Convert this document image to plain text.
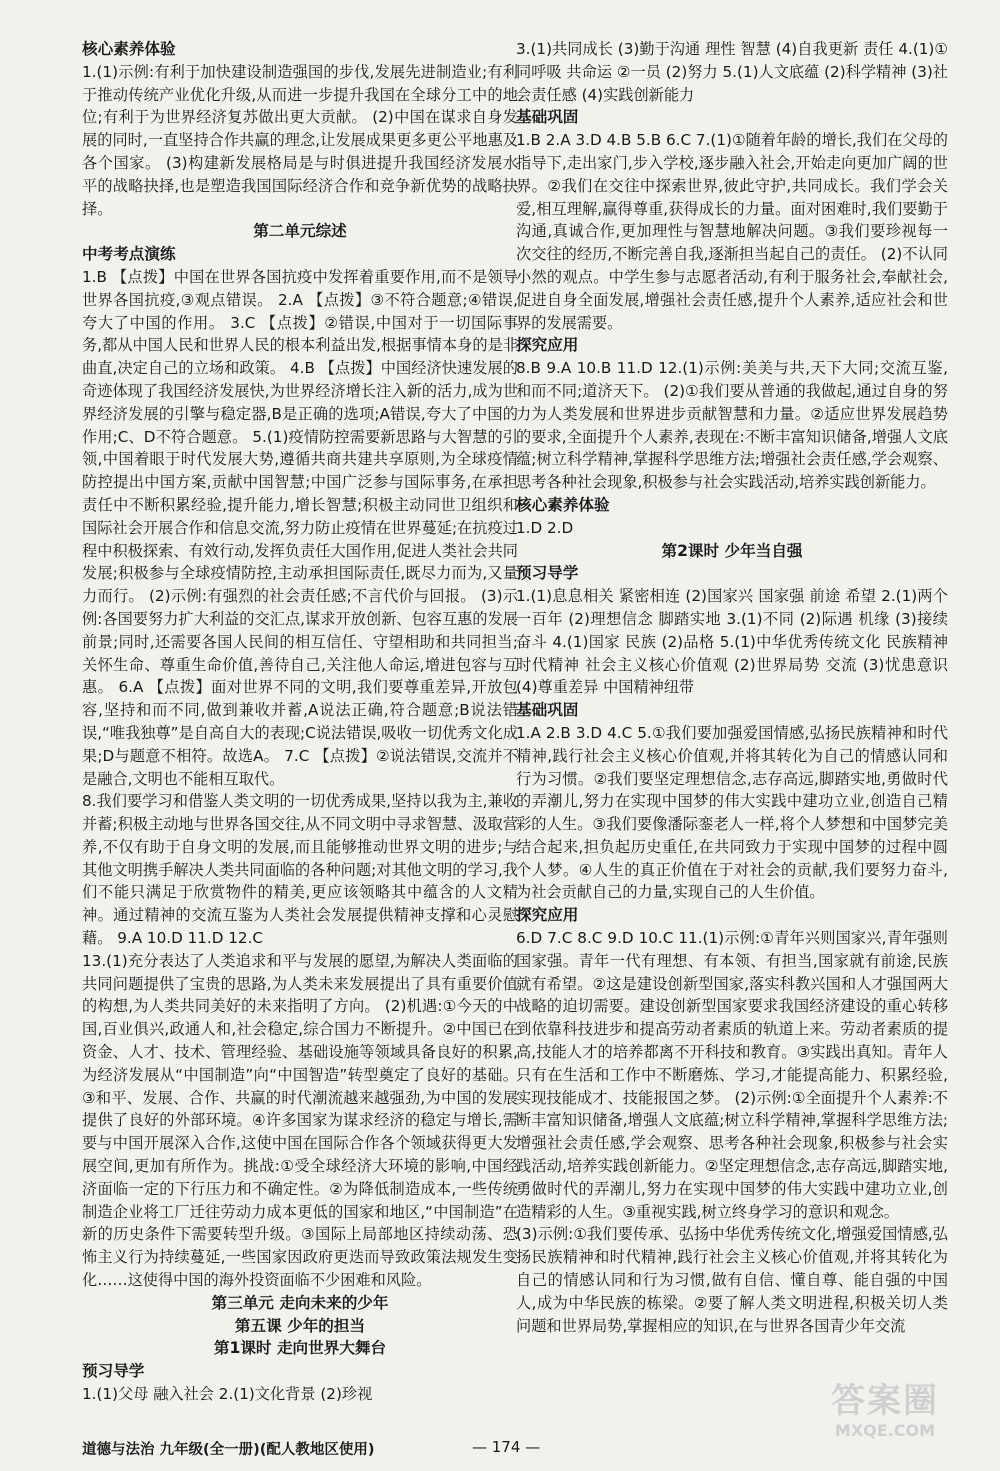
核心素养体验
1.(1)示例:有利于加快建设制造强国的步伐,发展先进制造业;有利于推动传统产业优化升级,从而进一步提升我国在全球分工中的地位;有利于为世界经济复苏做出更大贡献。 (2)中国在谋求自身发展的同时,一直坚持合作共赢的理念,让发展成果更多更公平地惠及各个国家。 (3)构建新发展格局是与时俱进提升我国经济发展水平的战略抉择,也是塑造我国国际经济合作和竞争新优势的战略抉择。
第二单元综述
中考考点演练
1.B 【点拨】中国在世界各国抗疫中发挥着重要作用,而不是领导世界各国抗疫,③观点错误。 2.A 【点拨】③不符合题意;④错误,夸大了中国的作用。 3.C 【点拨】②错误,中国对于一切国际事务,都从中国人民和世界人民的根本利益出发,根据事情本身的是非曲直,决定自己的立场和政策。 4.B 【点拨】中国经济快速发展的奇迹体现了我国经济发展快,为世界经济增长注入新的活力,成为世界经济发展的引擎与稳定器,B是正确的选项;A错误,夸大了中国的作用;C、D不符合题意。 5.(1)疫情防控需要新思路与大智慧的引领,中国着眼于时代发展大势,遵循共商共建共享原则,为全球疫情防控提出中国方案,贡献中国智慧;中国广泛参与国际事务,在承担责任中不断积累经验,提升能力,增长智慧;积极主动同世卫组织和国际社会开展合作和信息交流,努力防止疫情在世界蔓延;在抗疫过程中积极探索、有效行动,发挥负责任大国作用,促进人类社会共同发展;积极参与全球疫情防控,主动承担国际责任,既尽力而为,又量力而行。 (2)示例:有强烈的社会责任感;不言代价与回报。 (3)示例:各国要努力扩大利益的交汇点,谋求开放创新、包容互惠的发展前景;同时,还需要各国人民间的相互信任、守望相助和共同担当;关怀生命、尊重生命价值,善待自己,关注他人命运,增进包容与互惠。 6.A 【点拨】面对世界不同的文明,我们要尊重差异,开放包容,坚持和而不同,做到兼收并蓄,A说法正确,符合题意;B说法错误,“唯我独尊”是自高自大的表现;C说法错误,吸收一切优秀文化成果;D与题意不相符。故选A。 7.C 【点拨】②说法错误,交流并不是融合,文明也不能相互取代。
8.我们要学习和借鉴人类文明的一切优秀成果,坚持以我为主,兼收并蓄;积极主动地与世界各国交往,从不同文明中寻求智慧、汲取营养,不仅有助于自身文明的发展,而且能够推动世界文明的进步;与其他文明携手解决人类共同面临的各种问题;对其他文明的学习,我们不能只满足于欣赏物件的精美,更应该领略其中蕴含的人文精神。通过精神的交流互鉴为人类社会发展提供精神支撑和心灵慰藉。 9.A 10.D 11.D 12.C
13.(1)充分表达了人类追求和平与发展的愿望,为解决人类面临的共同问题提供了宝贵的思路,为人类未来发展提出了具有重要价值的构想,为人类共同美好的未来指明了方向。 (2)机遇:①今天的中国,百业俱兴,政通人和,社会稳定,综合国力不断提升。②中国已在资金、人才、技术、管理经验、基础设施等领域具备良好的积累,为经济发展从“中国制造”向“中国智造”转型奠定了良好的基础。③和平、发展、合作、共赢的时代潮流越来越强劲,为中国的发展提供了良好的外部环境。④许多国家为谋求经济的稳定与增长,需要与中国开展深入合作,这使中国在国际合作各个领域获得更大发展空间,更加有所作为。挑战:①受全球经济大环境的影响,中国经济面临一定的下行压力和不确定性。②为降低制造成本,一些传统制造企业将工厂迁往劳动力成本更低的国家和地区,“中国制造”在新的历史条件下需要转型升级。③国际上局部地区持续动荡、恐怖主义行为持续蔓延,一些国家因政府更迭而导致政策法规发生变化……这使得中国的海外投资面临不少困难和风险。
第三单元 走向未来的少年
第五课 少年的担当
第1课时 走向世界大舞台
预习导学
1.(1)父母 融入社会 2.(1)文化背景 (2)珍视
3.(1)共同成长 (3)勤于沟通 理性 智慧 (4)自我更新 责任 4.(1)①同呼吸 共命运 ②一员 (2)努力 5.(1)人文底蕴 (2)科学精神 (3)社会责任感 (4)实践创新能力
基础巩固
1.B 2.A 3.D 4.B 5.B 6.C 7.(1)①随着年龄的增长,我们在父母的指导下,走出家门,步入学校,逐步融入社会,开始走向更加广阔的世界。②我们在交往中探索世界,彼此守护,共同成长。我们学会关爱,相互理解,赢得尊重,获得成长的力量。面对困难时,我们要勤于沟通,真诚合作,更加理性与智慧地解决问题。③我们要珍视每一次交往的经历,不断完善自我,逐渐担当起自己的责任。 (2)不认同小然的观点。中学生参与志愿者活动,有利于服务社会,奉献社会,促进自身全面发展,增强社会责任感,提升个人素养,适应社会和世界的发展需要。
探究应用
8.B 9.A 10.B 11.D 12.(1)示例:美美与共,天下大同;交流互鉴,和而不同;道济天下。 (2)①我们要从普通的我做起,通过自身的努力为人类发展和世界进步贡献智慧和力量。②适应世界发展趋势的要求,全面提升个人素养,表现在:不断丰富知识储备,增强人文底蕴;树立科学精神,掌握科学思维方法;增强社会责任感,学会观察、思考各种社会现象,积极参与社会实践活动,培养实践创新能力。
核心素养体验
1.D 2.D
第2课时 少年当自强
预习导学
1.(1)息息相关 紧密相连 (2)国家兴 国家强 前途 希望 2.(1)两个一百年 (2)理想信念 脚踏实地 3.(1)不同 (2)际遇 机缘 (3)接续奋斗 4.(1)国家 民族 (2)品格 5.(1)中华优秀传统文化 民族精神 时代精神 社会主义核心价值观 (2)世界局势 交流 (3)忧患意识 (4)尊重差异 中国精神纽带
基础巩固
1.A 2.B 3.D 4.C 5.①我们要加强爱国情感,弘扬民族精神和时代精神,践行社会主义核心价值观,并将其转化为自己的情感认同和行为习惯。②我们要坚定理想信念,志存高远,脚踏实地,勇做时代的弄潮儿,努力在实现中国梦的伟大实践中建功立业,创造自己精彩的人生。③我们要像潘际銮老人一样,将个人梦想和中国梦完美结合起来,担负起历史重任,在共同致力于实现中国梦的过程中圆个人梦。④人生的真正价值在于对社会的贡献,我们要努力奋斗,为社会贡献自己的力量,实现自己的人生价值。
探究应用
6.D 7.C 8.C 9.D 10.C 11.(1)示例:①青年兴则国家兴,青年强则国家强。青年一代有理想、有本领、有担当,国家就有前途,民族就有希望。②这是建设创新型国家,落实科教兴国和人才强国两大战略的迫切需要。建设创新型国家要求我国经济建设的重心转移到依靠科技进步和提高劳动者素质的轨道上来。劳动者素质的提高,技能人才的培养都离不开科技和教育。③实践出真知。青年人只有在生活和工作中不断磨炼、学习,才能提高能力、积累经验,实现技能成才、技能报国之梦。 (2)示例:①全面提升个人素养:不断丰富知识储备,增强人文底蕴;树立科学精神,掌握科学思维方法;增强社会责任感,学会观察、思考各种社会现象,积极参与社会实践活动,培养实践创新能力。②坚定理想信念,志存高远,脚踏实地,勇做时代的弄潮儿,努力在实现中国梦的伟大实践中建功立业,创造精彩的人生。③重视实践,树立终身学习的意识和观念。
(3)示例:①我们要传承、弘扬中华优秀传统文化,增强爱国情感,弘扬民族精神和时代精神,践行社会主义核心价值观,并将其转化为自己的情感认同和行为习惯,做有自信、懂自尊、能自强的中国人,成为中华民族的栋梁。②要了解人类文明进程,积极关切人类问题和世界局势,掌握相应的知识,在与世界各国青少年交流
道德与法治 九年级(全一册)(配人教地区使用)	— 174 —
答案圈
MXQE.COM
